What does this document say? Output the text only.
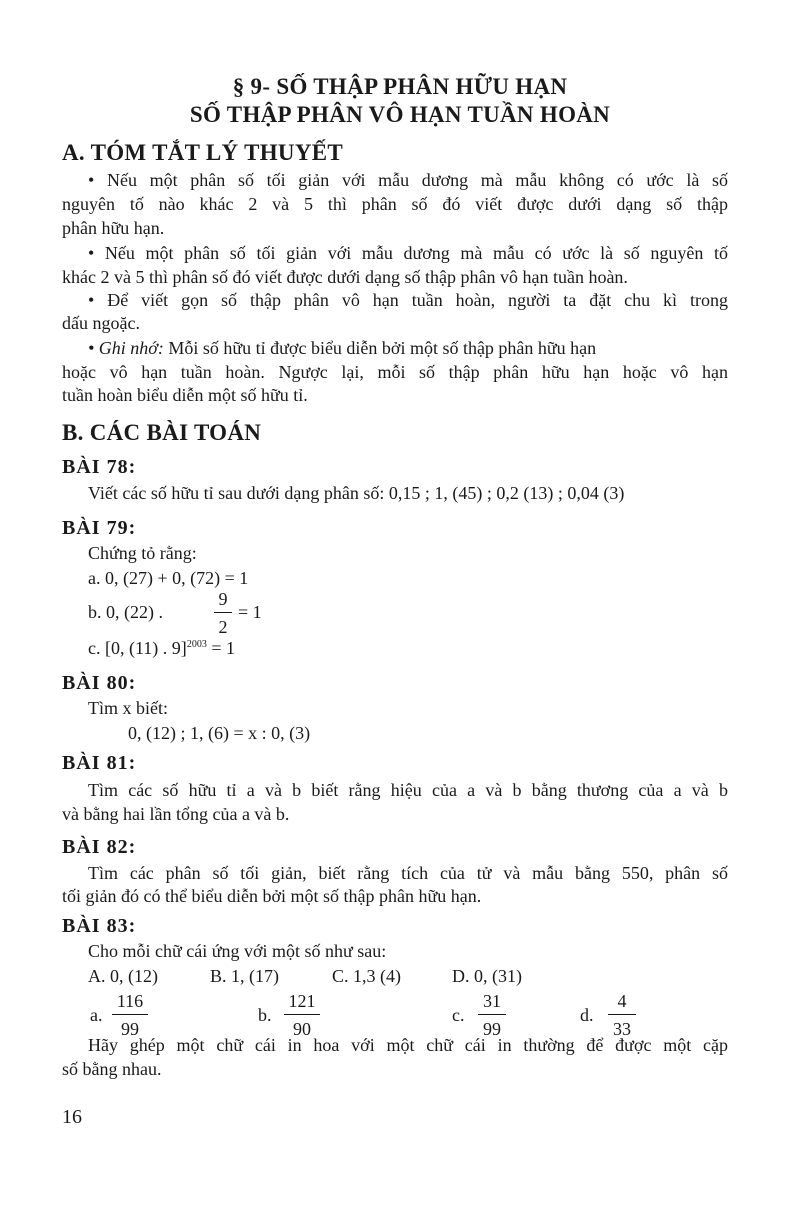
§ 9- SỐ THẬP PHÂN HỮU HẠN
SỐ THẬP PHÂN VÔ HẠN TUẦN HOÀN
A. TÓM TẮT LÝ THUYẾT
• Nếu một phân số tối giản với mẫu dương mà mẫu không có ước là số
nguyên tố nào khác 2 và 5 thì phân số đó viết được dưới dạng số thập
phân hữu hạn.
• Nếu một phân số tối giản với mẫu dương mà mẫu có ước là số nguyên tố
khác 2 và 5 thì phân số đó viết được dưới dạng số thập phân vô hạn tuần hoàn.
• Để viết gọn số thập phân vô hạn tuần hoàn, người ta đặt chu kì trong
dấu ngoặc.
• Ghi nhớ: Mỗi số hữu tỉ được biểu diễn bởi một số thập phân hữu hạn
hoặc vô hạn tuần hoàn. Ngược lại, mỗi số thập phân hữu hạn hoặc vô hạn
tuần hoàn biểu diễn một số hữu tỉ.
B. CÁC BÀI TOÁN
BÀI 78:
Viết các số hữu tỉ sau dưới dạng phân số: 0,15 ; 1, (45) ; 0,2 (13) ; 0,04 (3)
BÀI 79:
Chứng tỏ rằng:
a. 0, (27) + 0, (72) = 1
b. 0, (22) .
9
2
= 1
c. [0, (11) . 9]$^{2003}$ = 1
BÀI 80:
Tìm x biết:
0, (12) ; 1, (6) = x : 0, (3)
BÀI 81:
Tìm các số hữu tỉ a và b biết rằng hiệu của a và b bằng thương của a và b
và bằng hai lần tổng của a và b.
BÀI 82:
Tìm các phân số tối giản, biết rằng tích của tử và mẫu bằng 550, phân số
tối giản đó có thể biểu diễn bởi một số thập phân hữu hạn.
BÀI 83:
Cho mỗi chữ cái ứng với một số như sau:
A. 0, (12)	B. 1, (17)	C. 1,3 (4)	D. 0, (31)
a.
116
99
b.
121
90
c.
31
99
d.
4
33
Hãy ghép một chữ cái in hoa với một chữ cái in thường để được một cặp
số bằng nhau.
16
